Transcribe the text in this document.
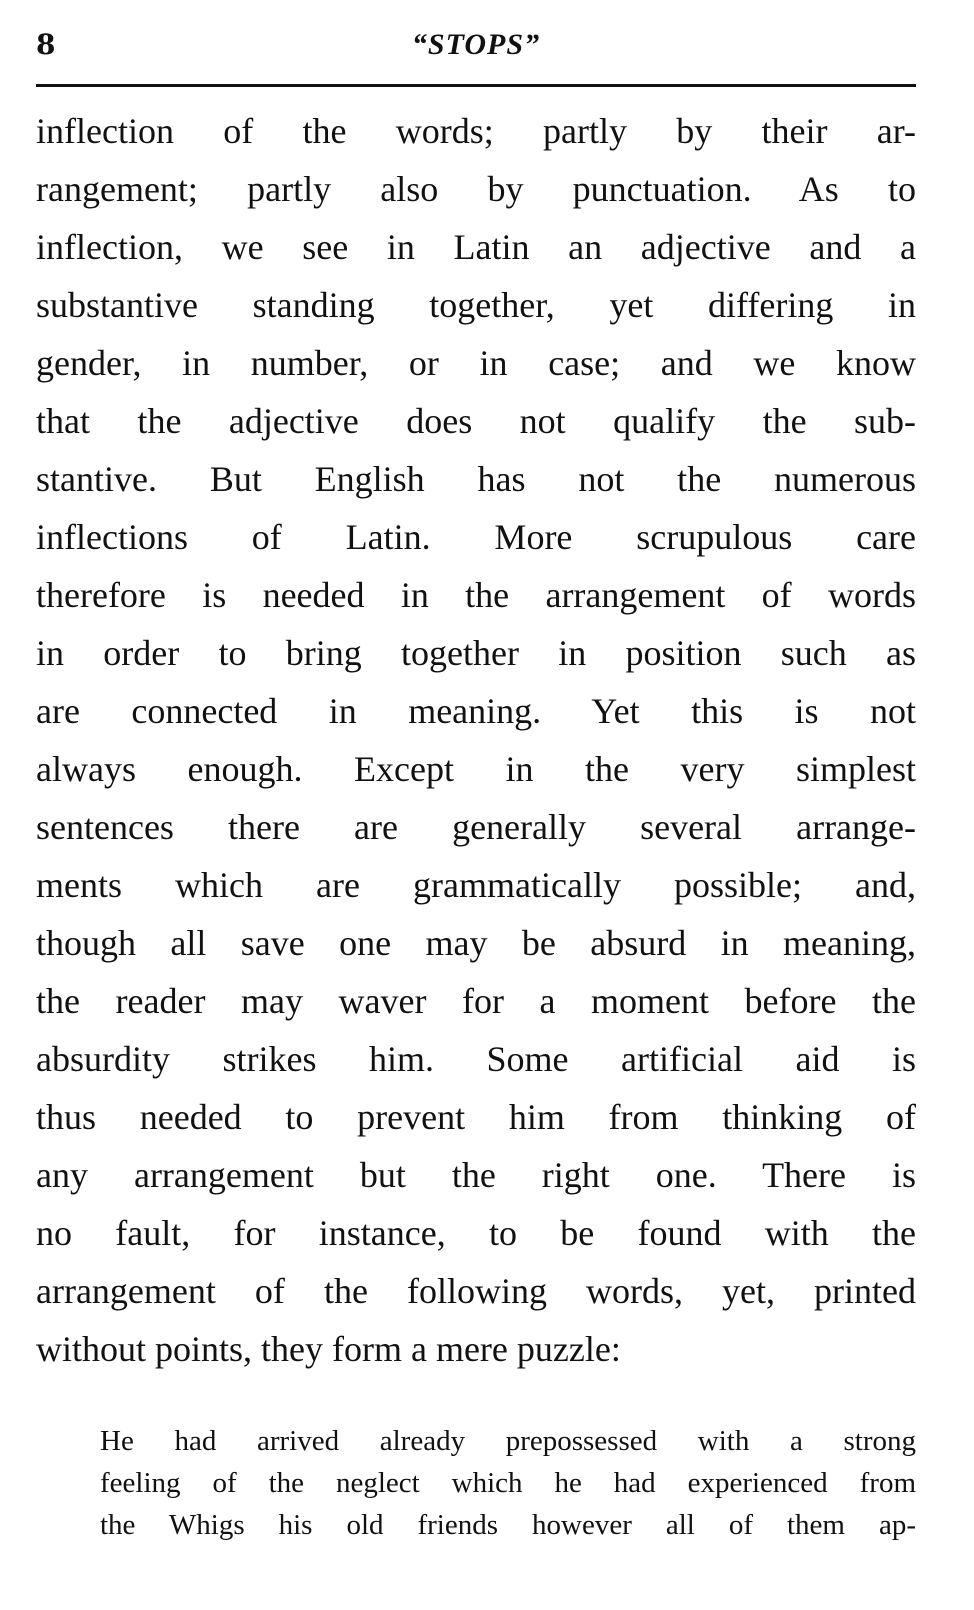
8	“STOPS”
inflection of the words; partly by their ar-
rangement; partly also by punctuation. As to
inflection, we see in Latin an adjective and a
substantive standing together, yet differing in
gender, in number, or in case; and we know
that the adjective does not qualify the sub-
stantive. But English has not the numerous
inflections of Latin. More scrupulous care
therefore is needed in the arrangement of words
in order to bring together in position such as
are connected in meaning. Yet this is not
always enough. Except in the very simplest
sentences there are generally several arrange-
ments which are grammatically possible; and,
though all save one may be absurd in meaning,
the reader may waver for a moment before the
absurdity strikes him. Some artificial aid is
thus needed to prevent him from thinking of
any arrangement but the right one. There is
no fault, for instance, to be found with the
arrangement of the following words, yet, printed
without points, they form a mere puzzle:
He had arrived already prepossessed with a strong
feeling of the neglect which he had experienced from
the Whigs his old friends however all of them ap-
